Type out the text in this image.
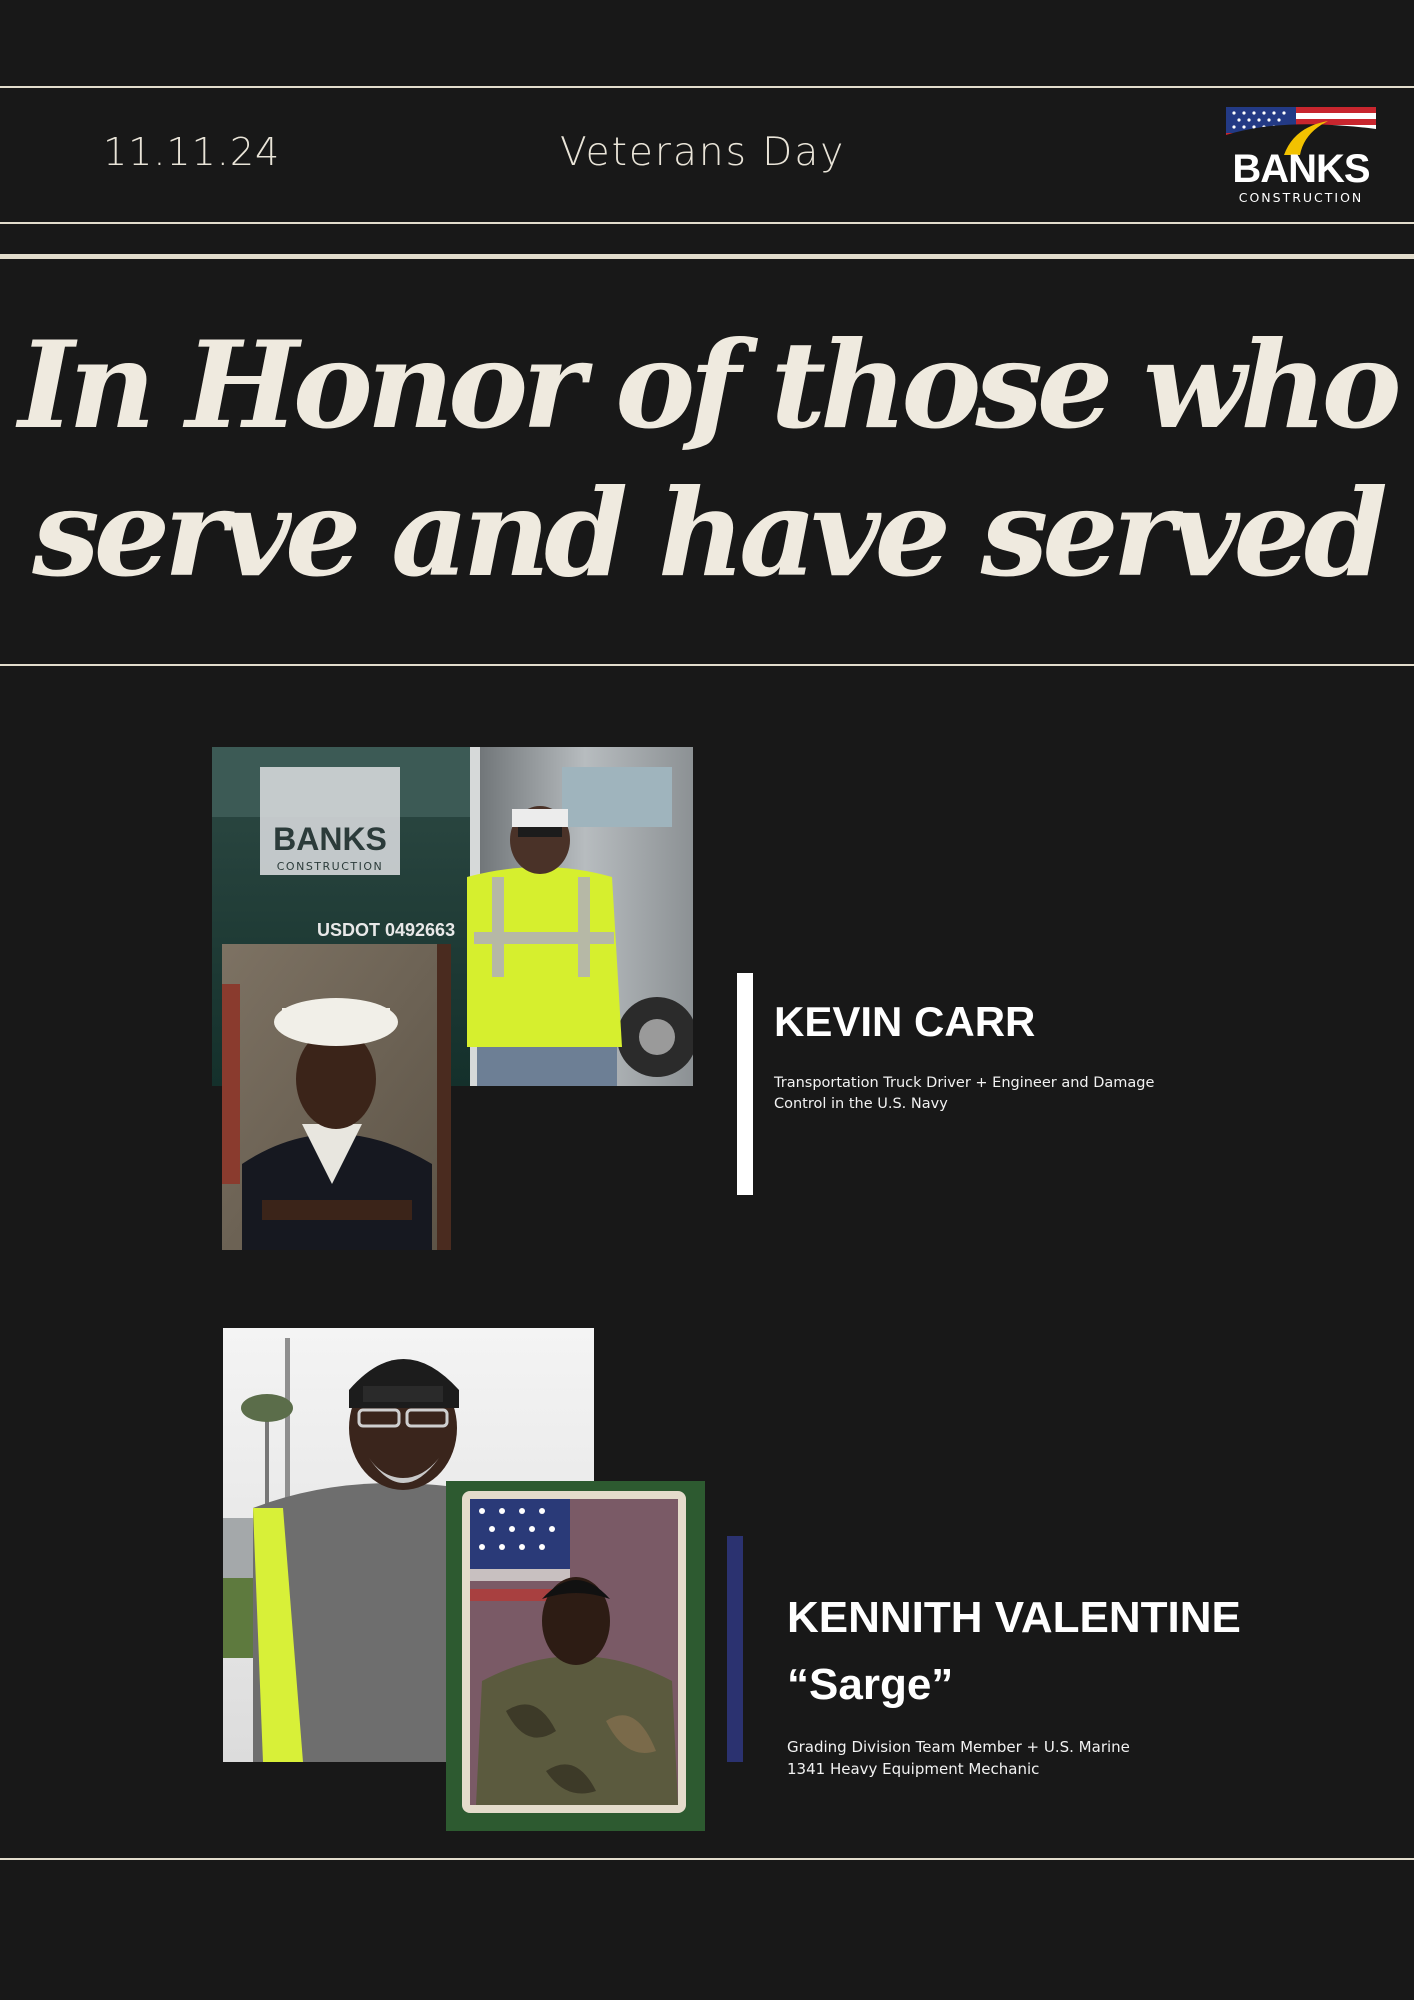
11.11.24	Veterans Day	BANKS
CONSTRUCTION
In Honor of those who
serve and have served
BANKS
CONSTRUCTION
USDOT 0492663
KEVIN CARR
Transportation Truck Driver + Engineer and Damage
Control in the U.S. Navy
KENNITH VALENTINE
“Sarge”
Grading Division Team Member + U.S. Marine
1341 Heavy Equipment Mechanic
